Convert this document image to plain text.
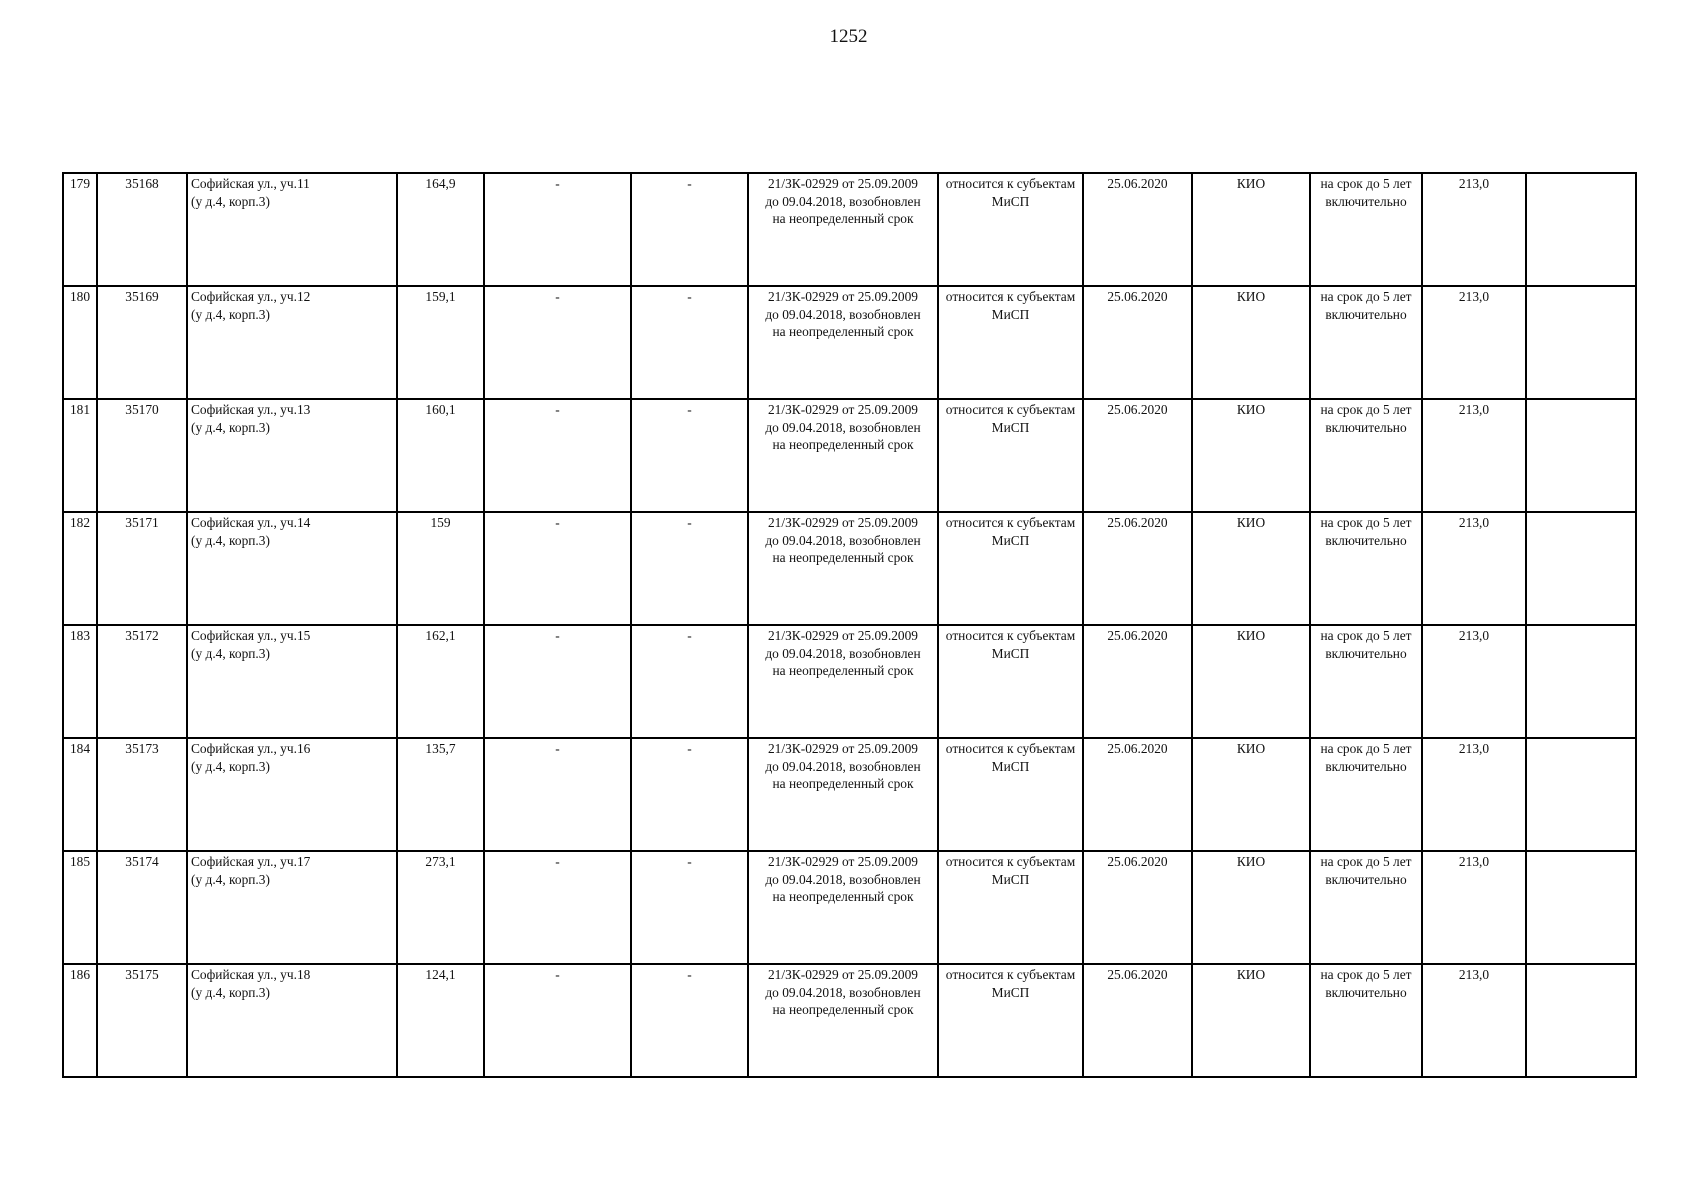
1252
179	35168	Софийская ул., уч.11
(у д.4, корп.3)	164,9	-	-	21/ЗК-02929 от 25.09.2009
до 09.04.2018, возобновлен
на неопределенный срок	относится к субъектам
МиСП	25.06.2020	КИО	на срок до 5 лет
включительно	213,0	
180	35169	Софийская ул., уч.12
(у д.4, корп.3)	159,1	-	-	21/ЗК-02929 от 25.09.2009
до 09.04.2018, возобновлен
на неопределенный срок	относится к субъектам
МиСП	25.06.2020	КИО	на срок до 5 лет
включительно	213,0	
181	35170	Софийская ул., уч.13
(у д.4, корп.3)	160,1	-	-	21/ЗК-02929 от 25.09.2009
до 09.04.2018, возобновлен
на неопределенный срок	относится к субъектам
МиСП	25.06.2020	КИО	на срок до 5 лет
включительно	213,0	
182	35171	Софийская ул., уч.14
(у д.4, корп.3)	159	-	-	21/ЗК-02929 от 25.09.2009
до 09.04.2018, возобновлен
на неопределенный срок	относится к субъектам
МиСП	25.06.2020	КИО	на срок до 5 лет
включительно	213,0	
183	35172	Софийская ул., уч.15
(у д.4, корп.3)	162,1	-	-	21/ЗК-02929 от 25.09.2009
до 09.04.2018, возобновлен
на неопределенный срок	относится к субъектам
МиСП	25.06.2020	КИО	на срок до 5 лет
включительно	213,0	
184	35173	Софийская ул., уч.16
(у д.4, корп.3)	135,7	-	-	21/ЗК-02929 от 25.09.2009
до 09.04.2018, возобновлен
на неопределенный срок	относится к субъектам
МиСП	25.06.2020	КИО	на срок до 5 лет
включительно	213,0	
185	35174	Софийская ул., уч.17
(у д.4, корп.3)	273,1	-	-	21/ЗК-02929 от 25.09.2009
до 09.04.2018, возобновлен
на неопределенный срок	относится к субъектам
МиСП	25.06.2020	КИО	на срок до 5 лет
включительно	213,0	
186	35175	Софийская ул., уч.18
(у д.4, корп.3)	124,1	-	-	21/ЗК-02929 от 25.09.2009
до 09.04.2018, возобновлен
на неопределенный срок	относится к субъектам
МиСП	25.06.2020	КИО	на срок до 5 лет
включительно	213,0	
